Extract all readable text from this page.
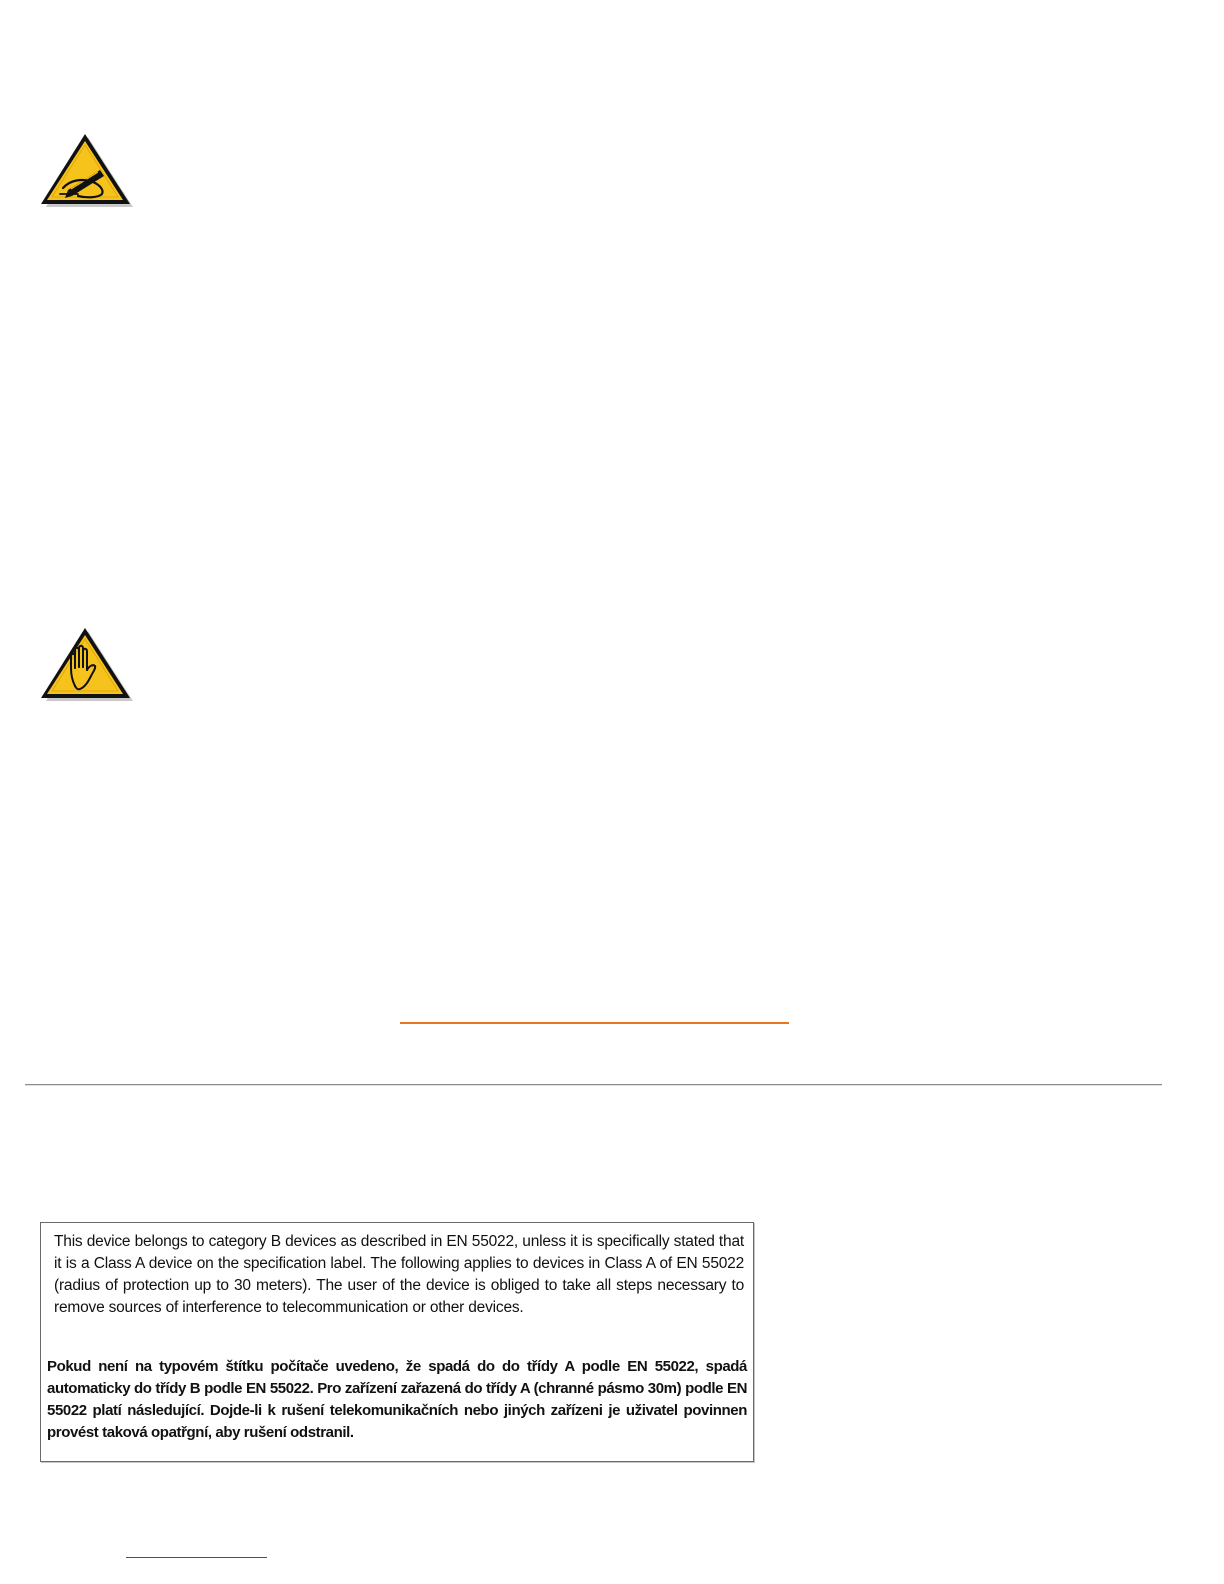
This device belongs to category B devices as described in EN 55022, unless it is specifically stated that it is a Class A device on the specification label. The following applies to devices in Class A of EN 55022 (radius of protection up to 30 meters). The user of the device is obliged to take all steps necessary to remove sources of interference to telecommunication or other devices.

Pokud není na typovém štítku počítače uvedeno, že spadá do do třídy A podle EN 55022, spadá automaticky do třídy B podle EN 55022. Pro zařízení zařazená do třídy A (chranné pásmo 30m) podle EN 55022 platí následující. Dojde-li k rušení telekomunikačních nebo jiných zařízeni je uživatel povinnen provést taková opatřgní, aby rušení odstranil.
